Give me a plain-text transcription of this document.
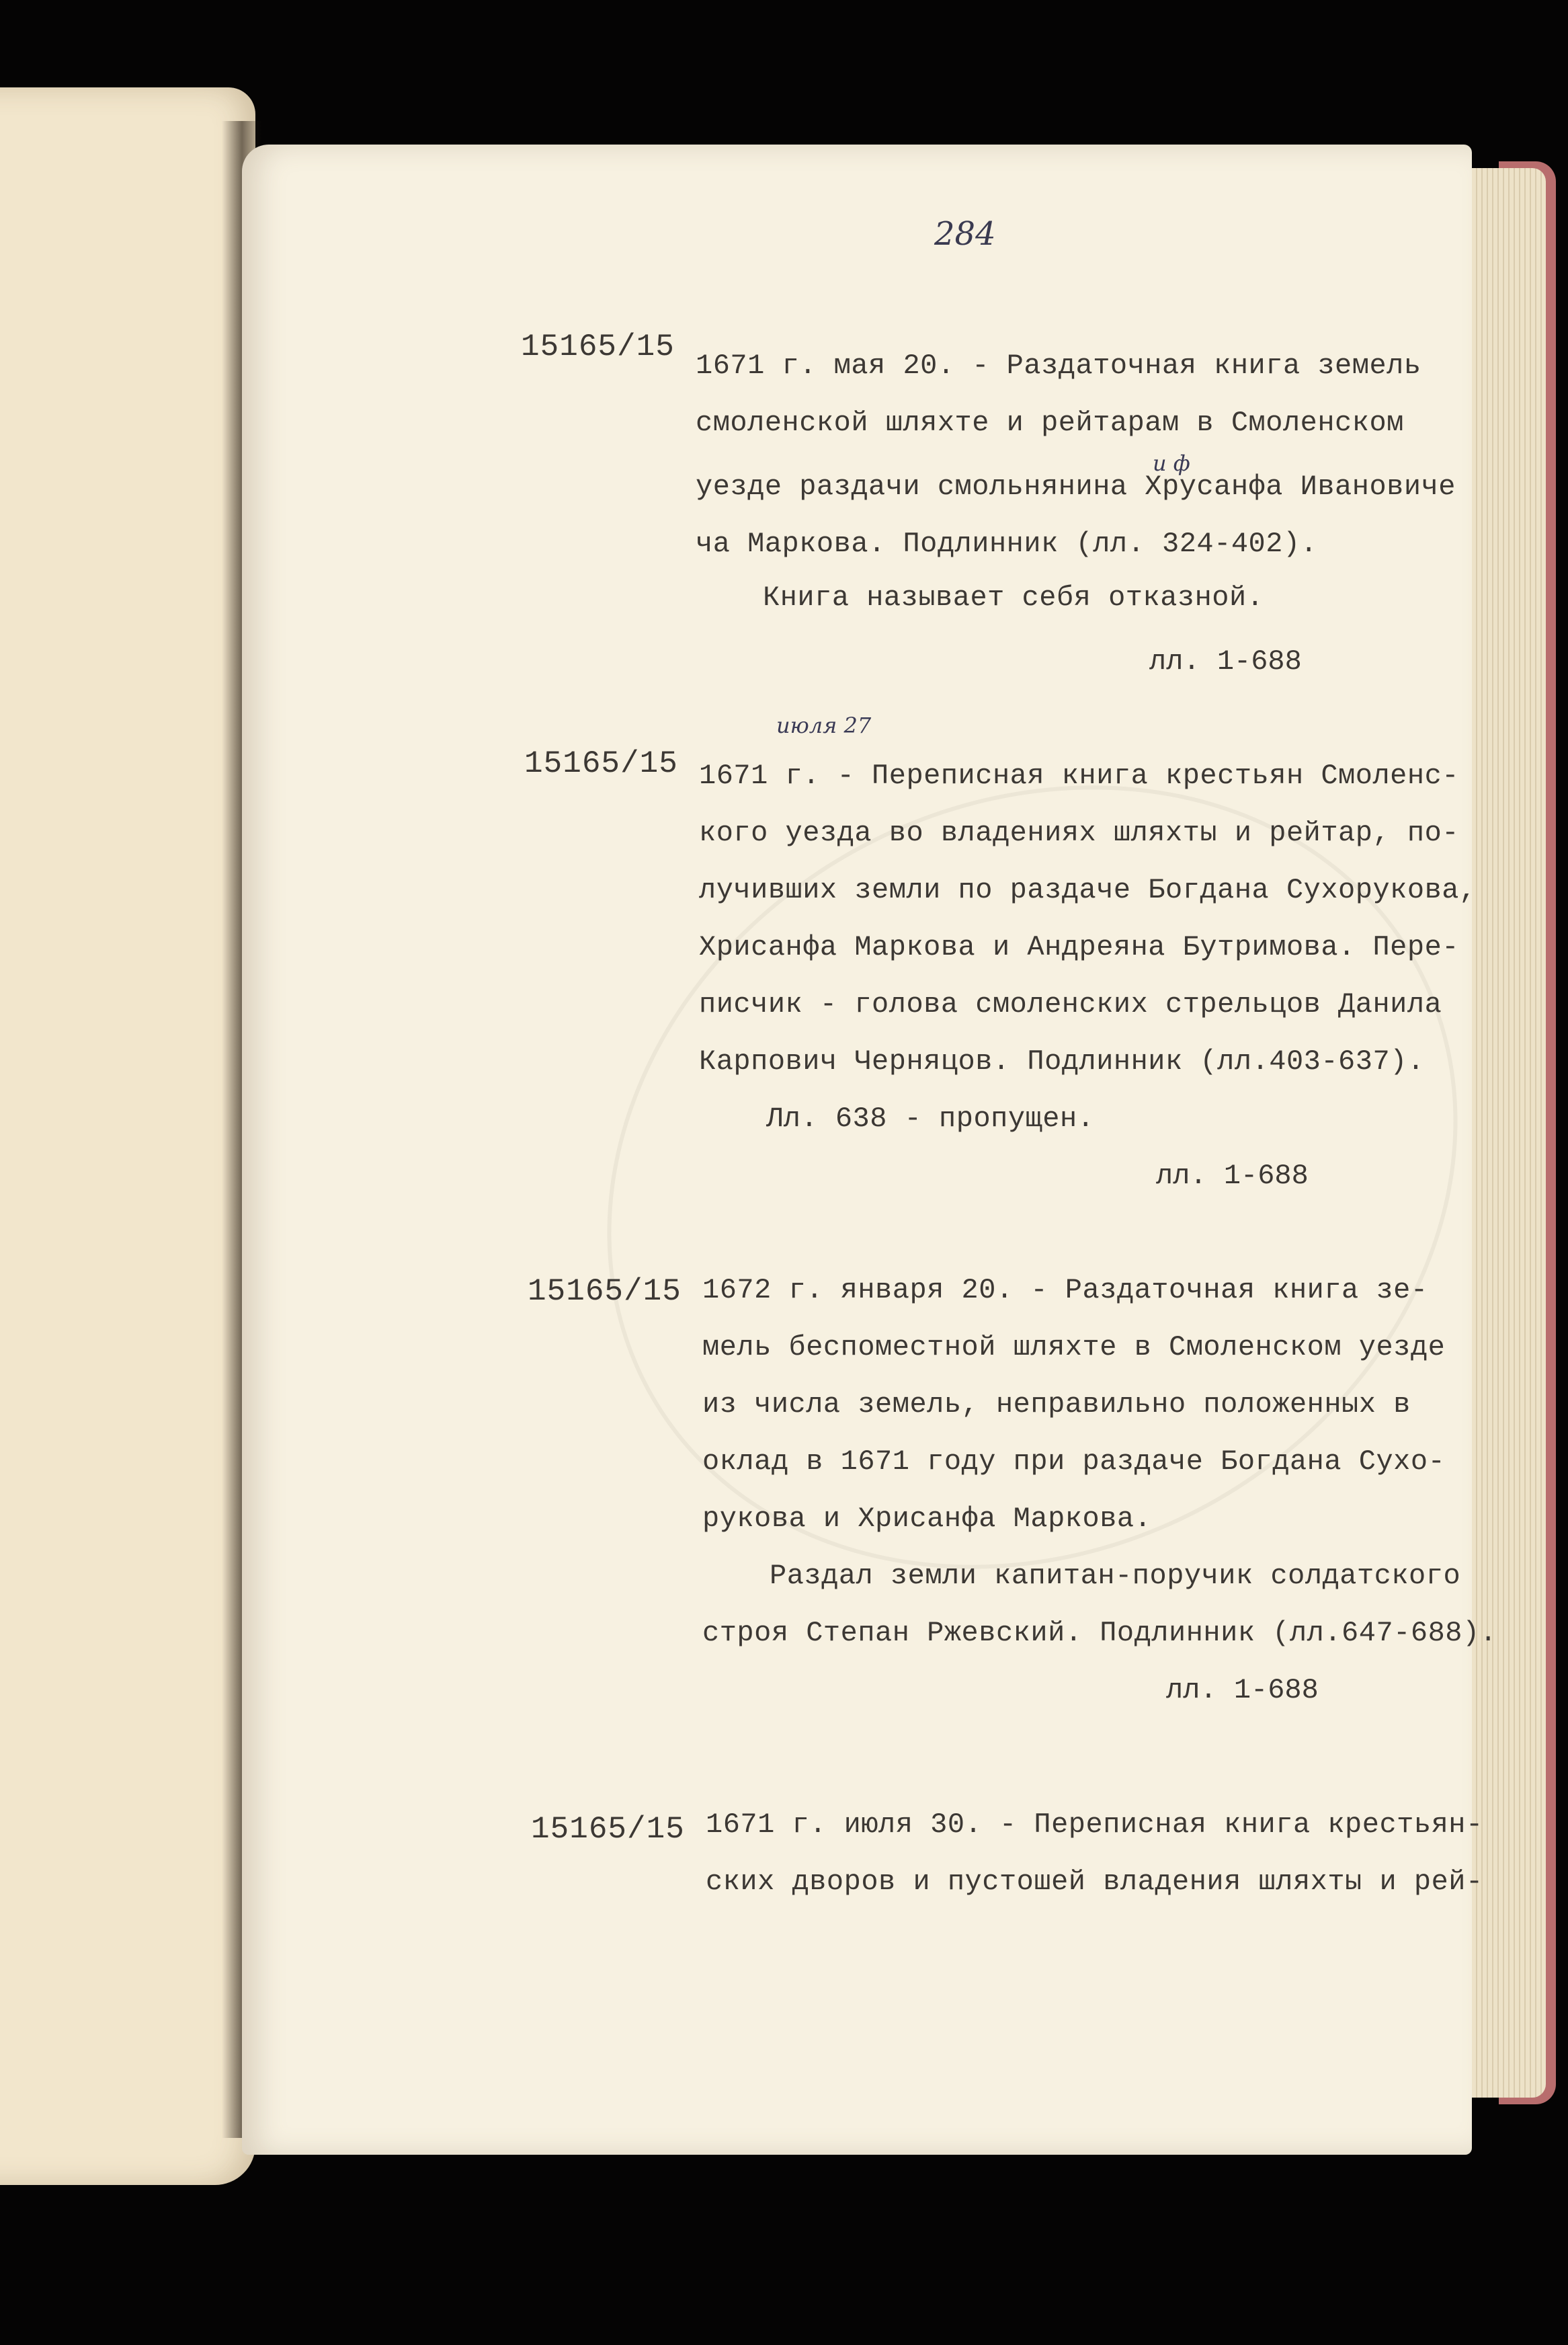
284
15165/15
1671 г. мая 20. - Раздаточная книга земель
смоленской шляхте и рейтарам в Смоленском
и ф
уезде раздачи смольнянина Хрусанфа Ивановиче
ча Маркова. Подлинник (лл. 324-402).
Книга называет себя отказной.
лл. 1-688
15165/15
июля 27
1671 г. - Переписная книга крестьян Смоленс-
кого уезда во владениях шляхты и рейтар, по-
лучивших земли по раздаче Богдана Сухорукова,
Хрисанфа Маркова и Андреяна Бутримова. Пере-
писчик - голова смоленских стрельцов Данила
Карпович Черняцов. Подлинник (лл.403-637).
Лл. 638 - пропущен.
лл. 1-688
15165/15 1672 г. января 20. - Раздаточная книга зе-
мель беспоместной шляхте в Смоленском уезде
из числа земель, неправильно положенных в
оклад в 1671 году при раздаче Богдана Сухо-
рукова и Хрисанфа Маркова.
Раздал земли капитан-поручик солдатского
строя Степан Ржевский. Подлинник (лл.647-688).
лл. 1-688
15165/15 1671 г. июля 30. - Переписная книга крестьян-
ских дворов и пустошей владения шляхты и рей-
